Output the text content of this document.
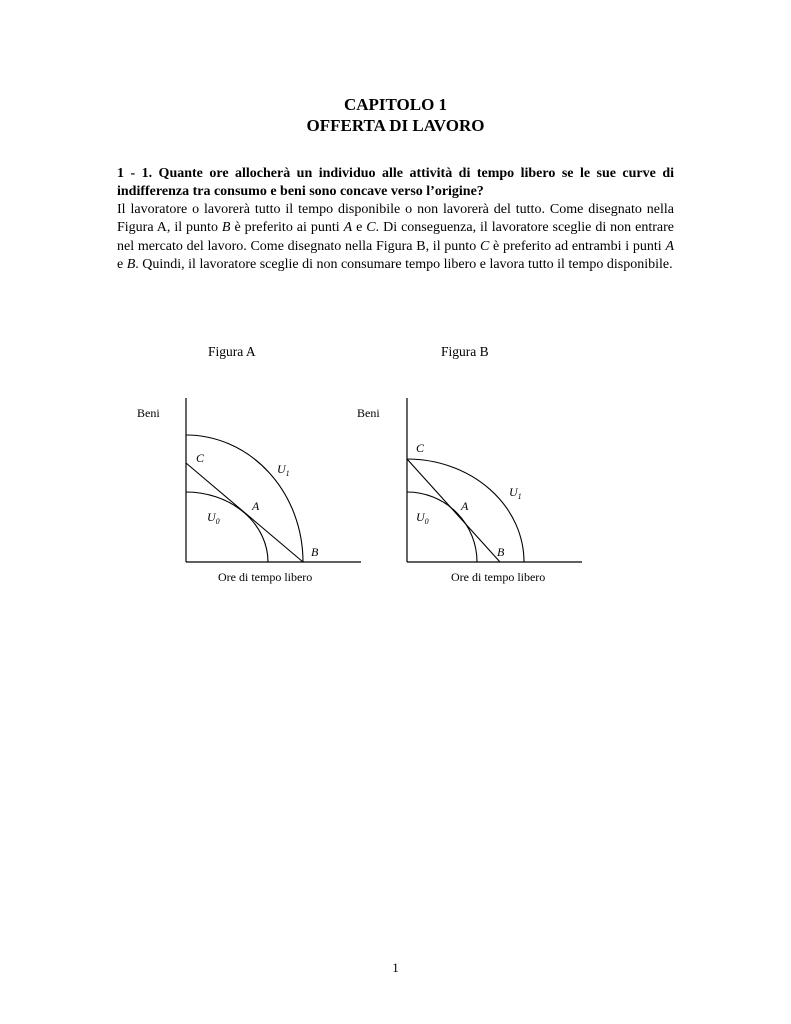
CAPITOLO 1
OFFERTA DI LAVORO
1 - 1. Quante ore allocherà un individuo alle attività di tempo libero se le sue curve di indifferenza tra consumo e beni sono concave verso l’origine?
Il lavoratore o lavorerà tutto il tempo disponibile o non lavorerà del tutto. Come disegnato nella Figura A, il punto B è preferito ai punti A e C. Di conseguenza, il lavoratore sceglie di non entrare nel mercato del lavoro. Come disegnato nella Figura B, il punto C è preferito ad entrambi i punti A e B. Quindi, il lavoratore sceglie di non consumare tempo libero e lavora tutto il tempo disponibile.
Figura A	Figura B
Beni
C
A
B
$U_1$
$U_0$
Ore di tempo libero
Beni
C
A
B
$U_1$
$U_0$
Ore di tempo libero
1
